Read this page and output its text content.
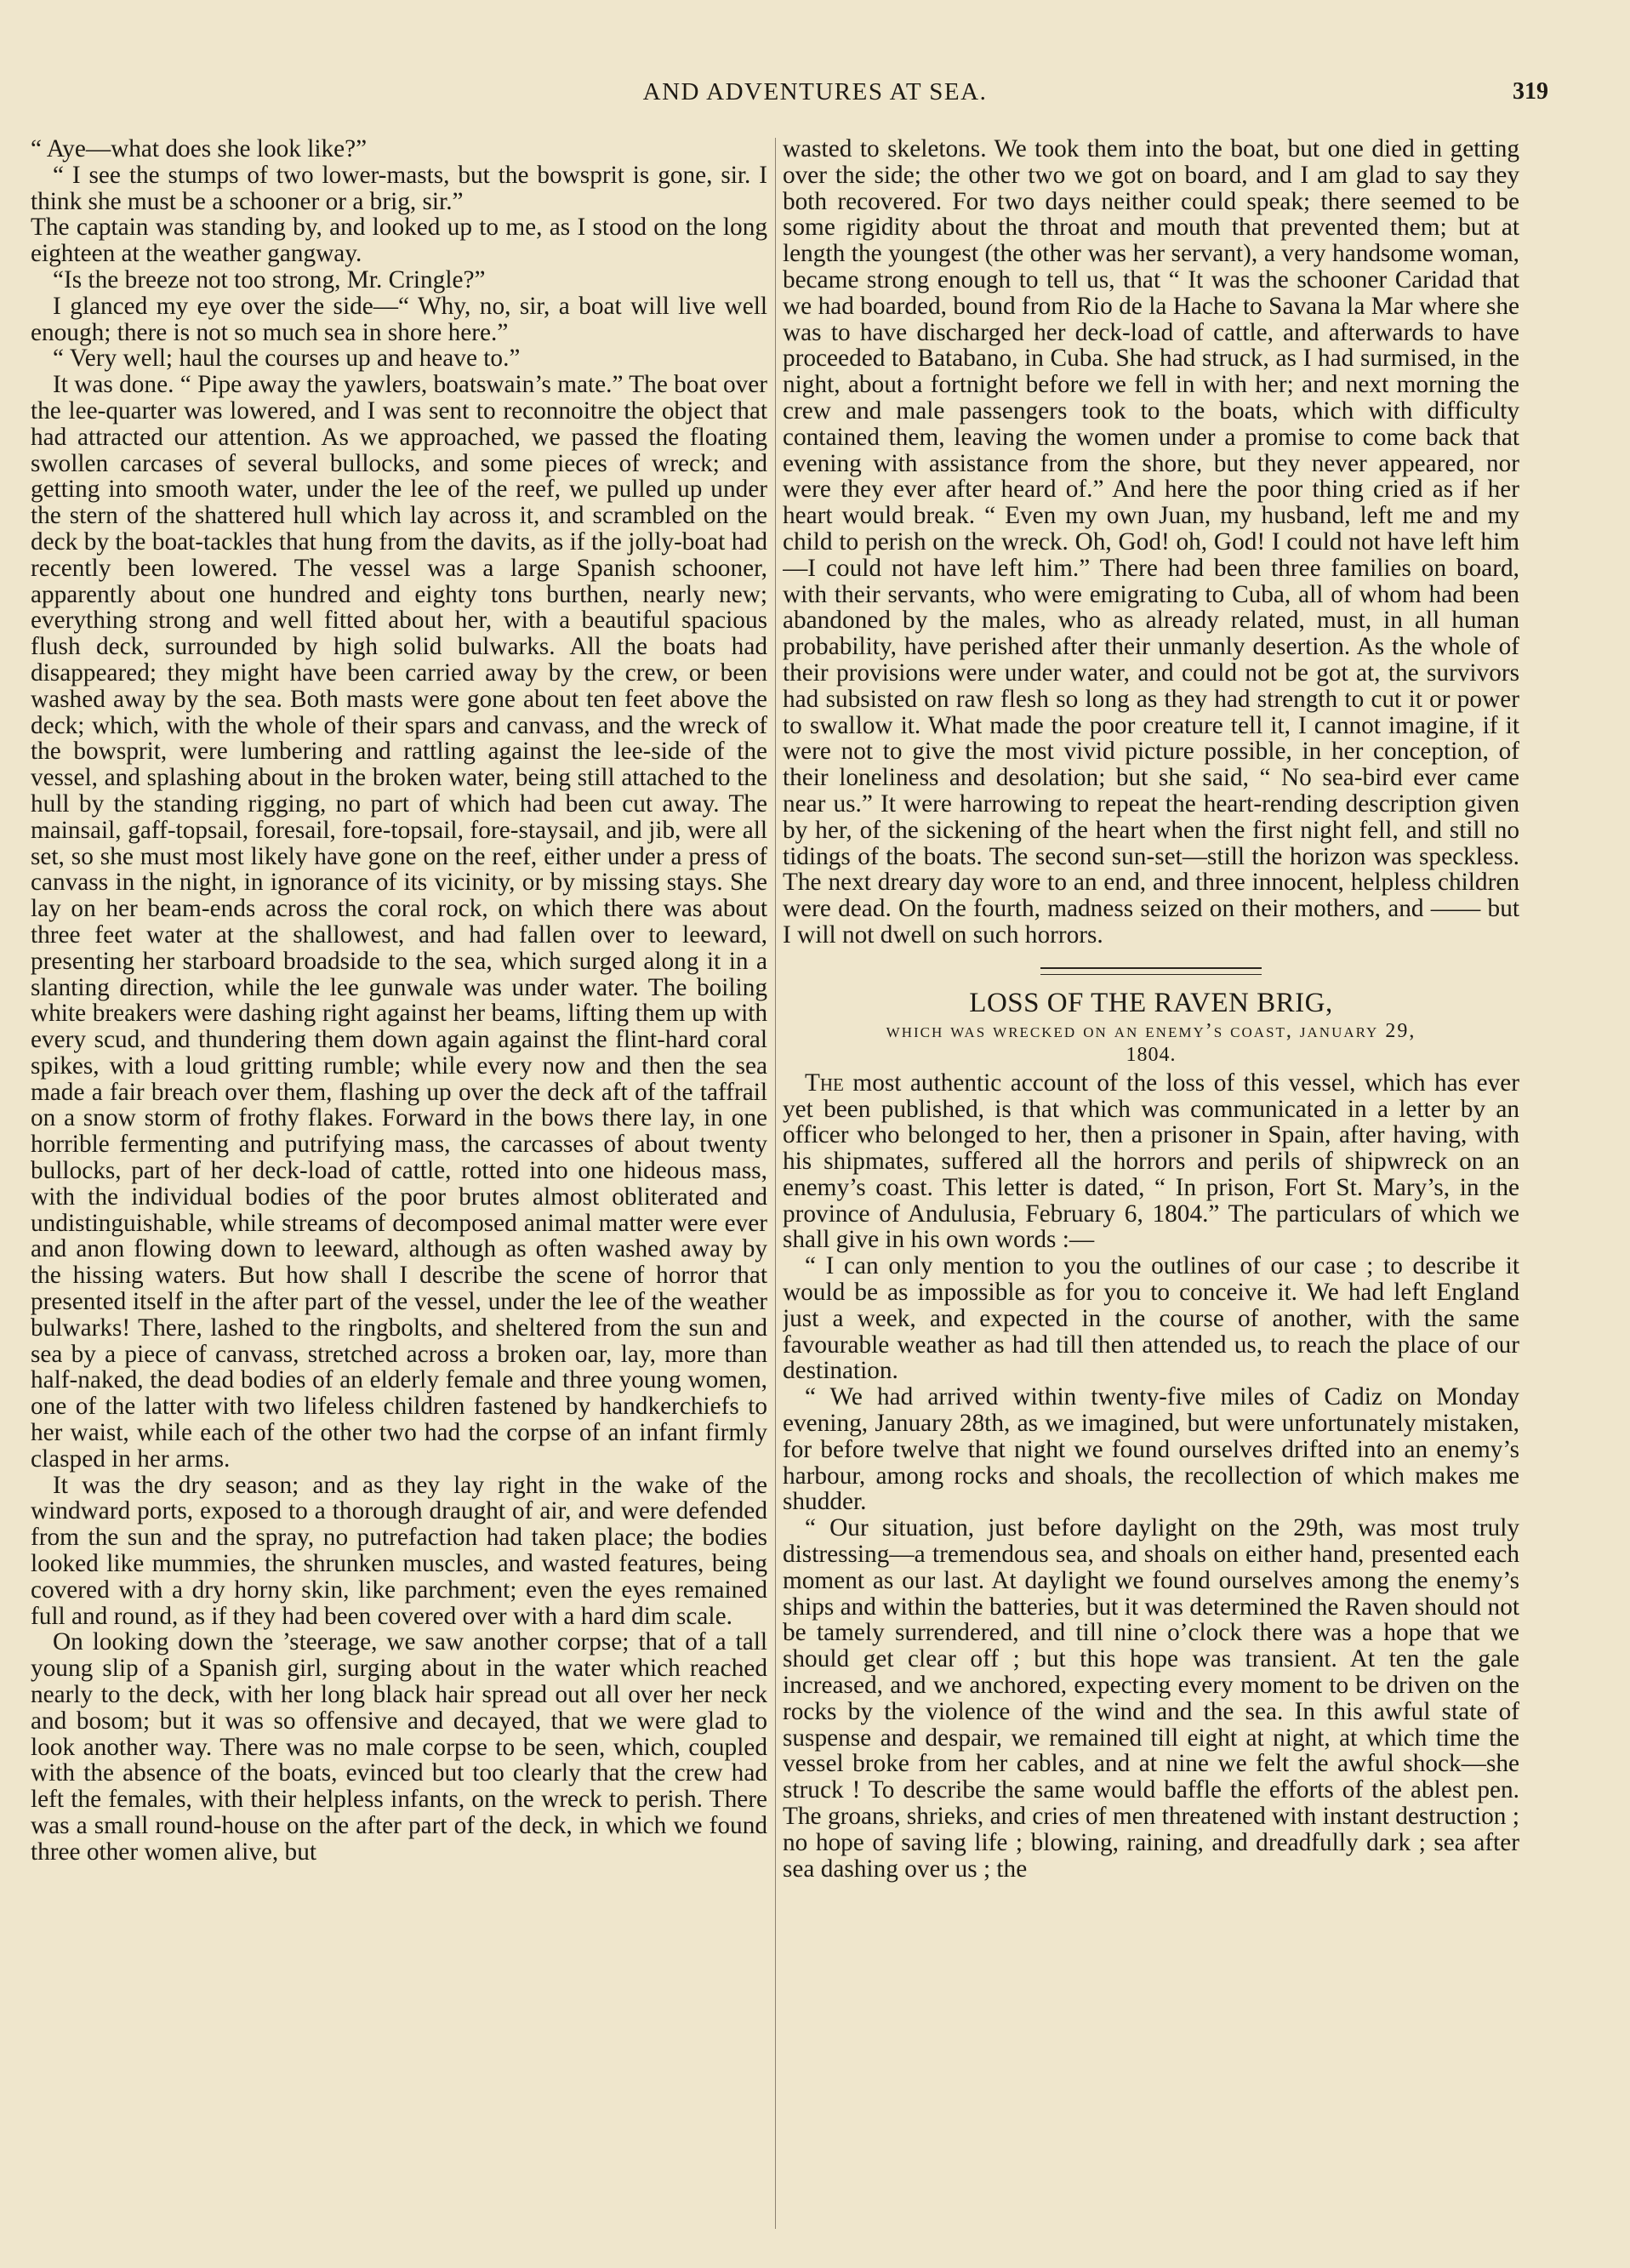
AND ADVENTURES AT SEA.	319

“ Aye—what does she look like?”

“ I see the stumps of two lower-masts, but the bowsprit is gone, sir. I think she must be a schooner or a brig, sir.”

The captain was standing by, and looked up to me, as I stood on the long eighteen at the weather gangway.

“Is the breeze not too strong, Mr. Cringle?”

I glanced my eye over the side—“ Why, no, sir, a boat will live well enough; there is not so much sea in shore here.”

“ Very well; haul the courses up and heave to.”

It was done. “ Pipe away the yawlers, boatswain’s mate.” The boat over the lee-quarter was lowered, and I was sent to reconnoitre the object that had attracted our attention. As we approached, we passed the floating swollen carcases of several bullocks, and some pieces of wreck; and getting into smooth water, under the lee of the reef, we pulled up under the stern of the shattered hull which lay across it, and scrambled on the deck by the boat-tackles that hung from the davits, as if the jolly-boat had recently been lowered. The vessel was a large Spanish schooner, apparently about one hundred and eighty tons burthen, nearly new; everything strong and well fitted about her, with a beautiful spacious flush deck, surrounded by high solid bulwarks. All the boats had disappeared; they might have been carried away by the crew, or been washed away by the sea. Both masts were gone about ten feet above the deck; which, with the whole of their spars and canvass, and the wreck of the bowsprit, were lumbering and rattling against the lee-side of the vessel, and splashing about in the broken water, being still attached to the hull by the standing rigging, no part of which had been cut away. The mainsail, gaff-topsail, foresail, fore-topsail, fore-staysail, and jib, were all set, so she must most likely have gone on the reef, either under a press of canvass in the night, in ignorance of its vicinity, or by missing stays. She lay on her beam-ends across the coral rock, on which there was about three feet water at the shallowest, and had fallen over to leeward, presenting her starboard broadside to the sea, which surged along it in a slanting direction, while the lee gunwale was under water. The boiling white breakers were dashing right against her beams, lifting them up with every scud, and thundering them down again against the flint-hard coral spikes, with a loud gritting rumble; while every now and then the sea made a fair breach over them, flashing up over the deck aft of the taffrail on a snow storm of frothy flakes. Forward in the bows there lay, in one horrible fermenting and putrifying mass, the carcasses of about twenty bullocks, part of her deck-load of cattle, rotted into one hideous mass, with the individual bodies of the poor brutes almost obliterated and undistinguishable, while streams of decomposed animal matter were ever and anon flowing down to leeward, although as often washed away by the hissing waters. But how shall I describe the scene of horror that presented itself in the after part of the vessel, under the lee of the weather bulwarks! There, lashed to the ringbolts, and sheltered from the sun and sea by a piece of canvass, stretched across a broken oar, lay, more than half-naked, the dead bodies of an elderly female and three young women, one of the latter with two lifeless children fastened by handkerchiefs to her waist, while each of the other two had the corpse of an infant firmly clasped in her arms.

It was the dry season; and as they lay right in the wake of the windward ports, exposed to a thorough draught of air, and were defended from the sun and the spray, no putrefaction had taken place; the bodies looked like mummies, the shrunken muscles, and wasted features, being covered with a dry horny skin, like parchment; even the eyes remained full and round, as if they had been covered over with a hard dim scale.

On looking down the ’steerage, we saw another corpse; that of a tall young slip of a Spanish girl, surging about in the water which reached nearly to the deck, with her long black hair spread out all over her neck and bosom; but it was so offensive and decayed, that we were glad to look another way. There was no male corpse to be seen, which, coupled with the absence of the boats, evinced but too clearly that the crew had left the females, with their helpless infants, on the wreck to perish. There was a small round-house on the after part of the deck, in which we found three other women alive, but

wasted to skeletons. We took them into the boat, but one died in getting over the side; the other two we got on board, and I am glad to say they both recovered. For two days neither could speak; there seemed to be some rigidity about the throat and mouth that prevented them; but at length the youngest (the other was her servant), a very handsome woman, became strong enough to tell us, that “ It was the schooner Caridad that we had boarded, bound from Rio de la Hache to Savana la Mar where she was to have discharged her deck-load of cattle, and afterwards to have proceeded to Batabano, in Cuba. She had struck, as I had surmised, in the night, about a fortnight before we fell in with her; and next morning the crew and male passengers took to the boats, which with difficulty contained them, leaving the women under a promise to come back that evening with assistance from the shore, but they never appeared, nor were they ever after heard of.” And here the poor thing cried as if her heart would break. “ Even my own Juan, my husband, left me and my child to perish on the wreck. Oh, God! oh, God! I could not have left him—I could not have left him.” There had been three families on board, with their servants, who were emigrating to Cuba, all of whom had been abandoned by the males, who as already related, must, in all human probability, have perished after their unmanly desertion. As the whole of their provisions were under water, and could not be got at, the survivors had subsisted on raw flesh so long as they had strength to cut it or power to swallow it. What made the poor creature tell it, I cannot imagine, if it were not to give the most vivid picture possible, in her conception, of their loneliness and desolation; but she said, “ No sea-bird ever came near us.” It were harrowing to repeat the heart-rending description given by her, of the sickening of the heart when the first night fell, and still no tidings of the boats. The second sun-set—still the horizon was speckless. The next dreary day wore to an end, and three innocent, helpless children were dead. On the fourth, madness seized on their mothers, and —— but I will not dwell on such horrors.

LOSS OF THE RAVEN BRIG,
which was wrecked on an enemy’s coast, january 29,
1804.

The most authentic account of the loss of this vessel, which has ever yet been published, is that which was communicated in a letter by an officer who belonged to her, then a prisoner in Spain, after having, with his shipmates, suffered all the horrors and perils of shipwreck on an enemy’s coast. This letter is dated, “ In prison, Fort St. Mary’s, in the province of Andulusia, February 6, 1804.” The particulars of which we shall give in his own words :—

“ I can only mention to you the outlines of our case ; to describe it would be as impossible as for you to conceive it. We had left England just a week, and expected in the course of another, with the same favourable weather as had till then attended us, to reach the place of our destination.

“ We had arrived within twenty-five miles of Cadiz on Monday evening, January 28th, as we imagined, but were unfortunately mistaken, for before twelve that night we found ourselves drifted into an enemy’s harbour, among rocks and shoals, the recollection of which makes me shudder.

“ Our situation, just before daylight on the 29th, was most truly distressing—a tremendous sea, and shoals on either hand, presented each moment as our last. At daylight we found ourselves among the enemy’s ships and within the batteries, but it was determined the Raven should not be tamely surrendered, and till nine o’clock there was a hope that we should get clear off ; but this hope was transient. At ten the gale increased, and we anchored, expecting every moment to be driven on the rocks by the violence of the wind and the sea. In this awful state of suspense and despair, we remained till eight at night, at which time the vessel broke from her cables, and at nine we felt the awful shock—she struck ! To describe the same would baffle the efforts of the ablest pen. The groans, shrieks, and cries of men threatened with instant destruction ; no hope of saving life ; blowing, raining, and dreadfully dark ; sea after sea dashing over us ; the
